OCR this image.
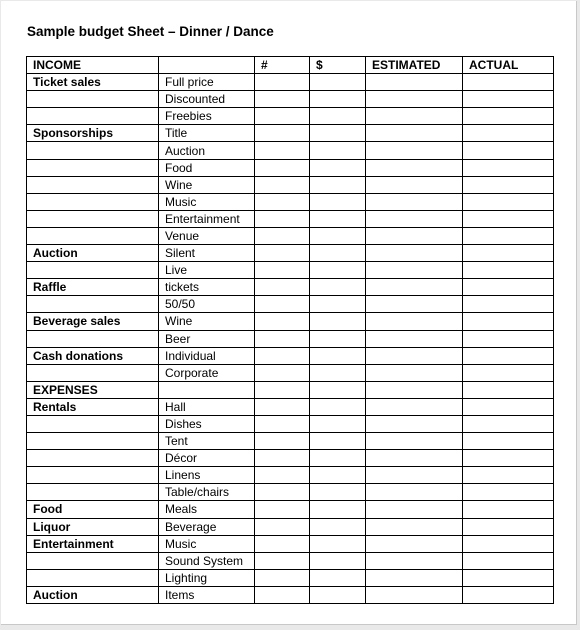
Sample budget Sheet – Dinner / Dance
INCOME		#	$	ESTIMATED	ACTUAL
Ticket sales	Full price				
	Discounted				
	Freebies				
Sponsorships	Title				
	Auction				
	Food				
	Wine				
	Music				
	Entertainment				
	Venue				
Auction	Silent				
	Live				
Raffle	tickets				
	50/50				
Beverage sales	Wine				
	Beer				
Cash donations	Individual				
	Corporate				
EXPENSES					
Rentals	Hall				
	Dishes				
	Tent				
	Décor				
	Linens				
	Table/chairs				
Food	Meals				
Liquor	Beverage				
Entertainment	Music				
	Sound System				
	Lighting				
Auction	Items				
